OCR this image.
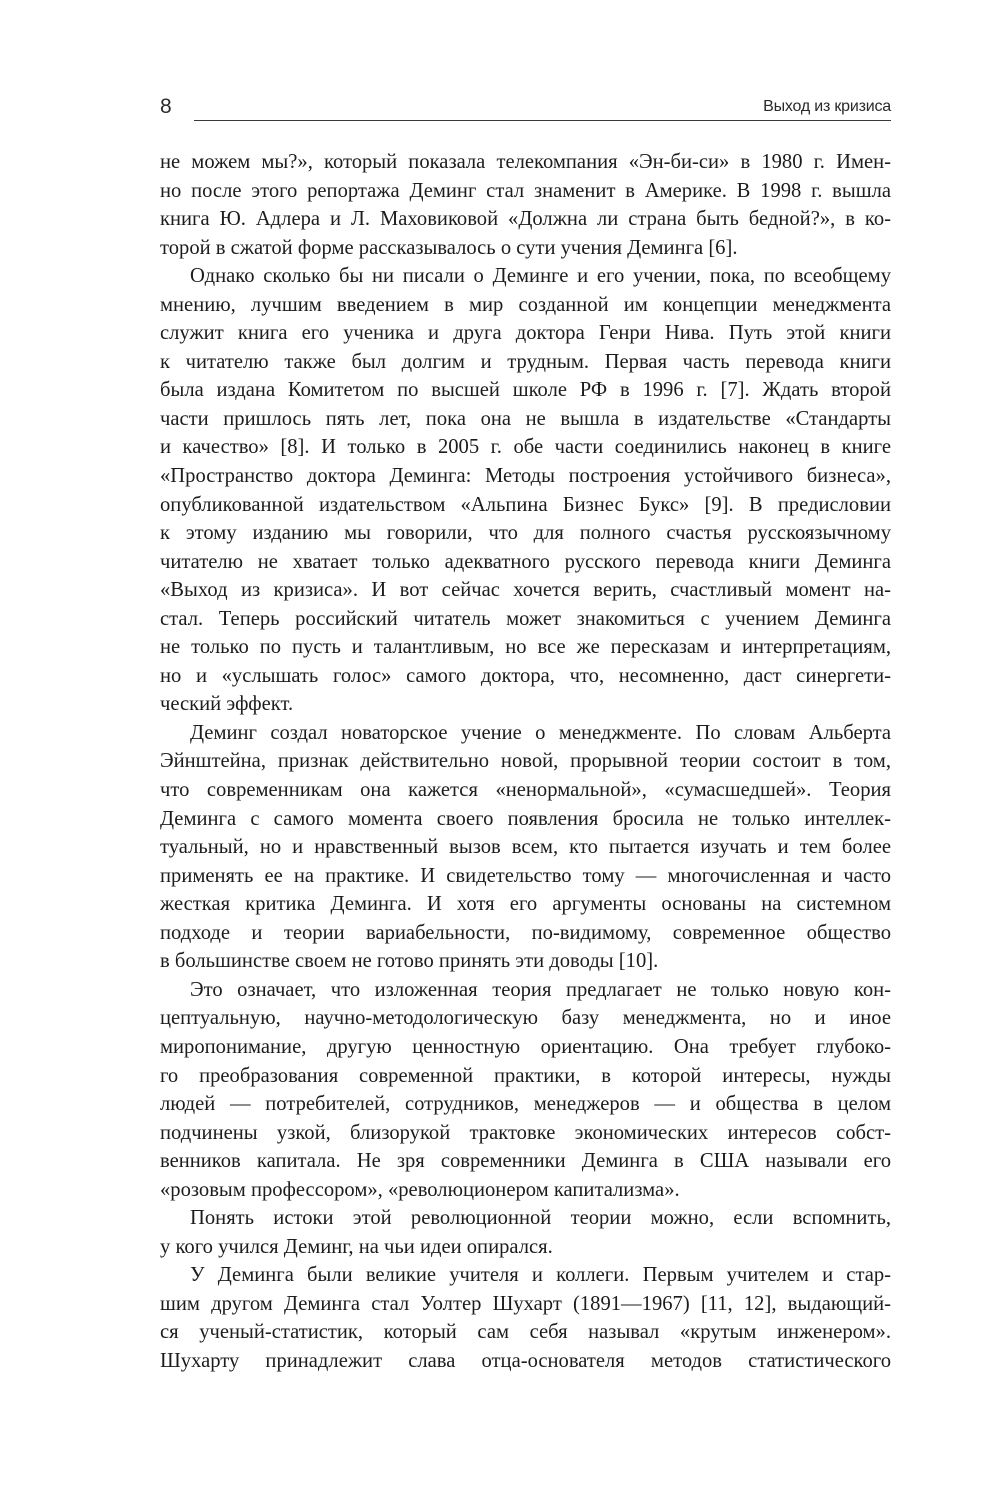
8	Выход из кризиса
не можем мы?», который показала телекомпания «Эн-би-си» в 1980 г. Имен-
но после этого репортажа Деминг стал знаменит в Америке. В 1998 г. вышла
книга Ю. Адлера и Л. Маховиковой «Должна ли страна быть бедной?», в ко-
торой в сжатой форме рассказывалось о сути учения Деминга [6].
Однако сколько бы ни писали о Деминге и его учении, пока, по всеобщему
мнению, лучшим введением в мир созданной им концепции менеджмента
служит книга его ученика и друга доктора Генри Нива. Путь этой книги
к читателю также был долгим и трудным. Первая часть перевода книги
была издана Комитетом по высшей школе РФ в 1996 г. [7]. Ждать второй
части пришлось пять лет, пока она не вышла в издательстве «Стандарты
и качество» [8]. И только в 2005 г. обе части соединились наконец в книге
«Пространство доктора Деминга: Методы построения устойчивого бизнеса»,
опубликованной издательством «Альпина Бизнес Букс» [9]. В предисловии
к этому изданию мы говорили, что для полного счастья русскоязычному
читателю не хватает только адекватного русского перевода книги Деминга
«Выход из кризиса». И вот сейчас хочется верить, счастливый момент на-
стал. Теперь российский читатель может знакомиться с учением Деминга
не только по пусть и талантливым, но все же пересказам и интерпретациям,
но и «услышать голос» самого доктора, что, несомненно, даст синергети-
ческий эффект.
Деминг создал новаторское учение о менеджменте. По словам Альберта
Эйнштейна, признак действительно новой, прорывной теории состоит в том,
что современникам она кажется «ненормальной», «сумасшедшей». Теория
Деминга с самого момента своего появления бросила не только интеллек-
туальный, но и нравственный вызов всем, кто пытается изучать и тем более
применять ее на практике. И свидетельство тому — многочисленная и часто
жесткая критика Деминга. И хотя его аргументы основаны на системном
подходе и теории вариабельности, по-видимому, современное общество
в большинстве своем не готово принять эти доводы [10].
Это означает, что изложенная теория предлагает не только новую кон-
цептуальную, научно-методологическую базу менеджмента, но и иное
миропонимание, другую ценностную ориентацию. Она требует глубоко-
го преобразования современной практики, в которой интересы, нужды
людей — потребителей, сотрудников, менеджеров — и общества в целом
подчинены узкой, близорукой трактовке экономических интересов собст-
венников капитала. Не зря современники Деминга в США называли его
«розовым профессором», «революционером капитализма».
Понять истоки этой революционной теории можно, если вспомнить,
у кого учился Деминг, на чьи идеи опирался.
У Деминга были великие учителя и коллеги. Первым учителем и стар-
шим другом Деминга стал Уолтер Шухарт (1891—1967) [11, 12], выдающий-
ся ученый-статистик, который сам себя называл «крутым инженером».
Шухарту принадлежит слава отца-основателя методов статистического
